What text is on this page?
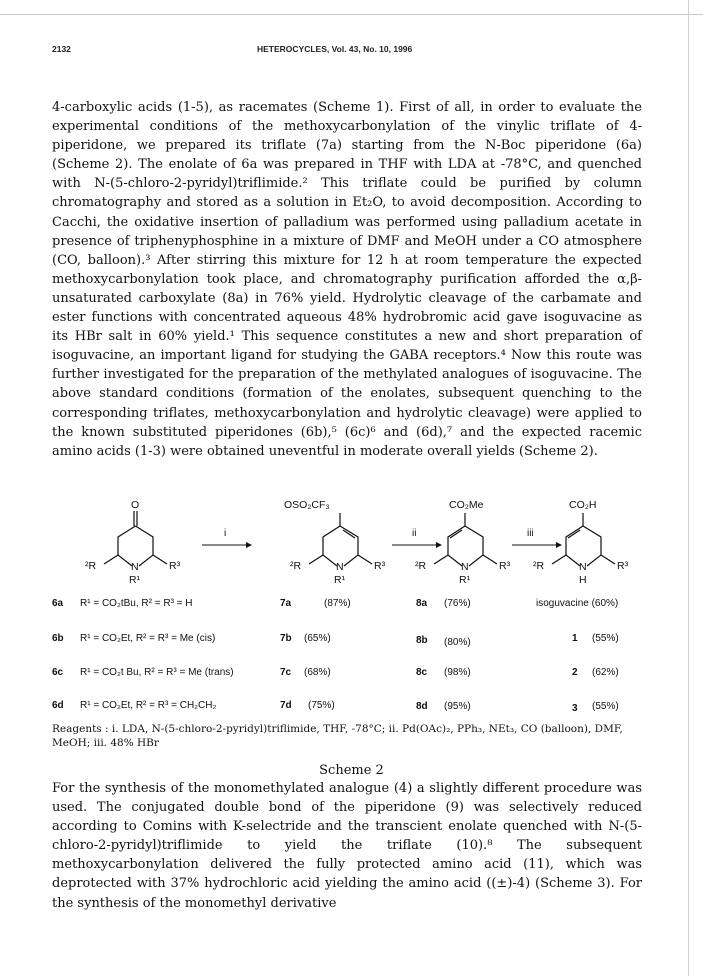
2132	HETEROCYCLES, Vol. 43, No. 10, 1996

4-carboxylic acids (1-5), as racemates (Scheme 1). First of all, in order to evaluate the experimental conditions of the methoxycarbonylation of the vinylic triflate of 4-piperidone, we prepared its triflate (7a) starting from the N-Boc piperidone (6a) (Scheme 2). The enolate of 6a was prepared in THF with LDA at -78°C, and quenched with N-(5-chloro-2-pyridyl)triflimide.² This triflate could be purified by column chromatography and stored as a solution in Et₂O, to avoid decomposition. According to Cacchi, the oxidative insertion of palladium was performed using palladium acetate in presence of triphenyphosphine in a mixture of DMF and MeOH under a CO atmosphere (CO, balloon).³ After stirring this mixture for 12 h at room temperature the expected methoxycarbonylation took place, and chromatography purification afforded the α,β-unsaturated carboxylate (8a) in 76% yield. Hydrolytic cleavage of the carbamate and ester functions with concentrated aqueous 48% hydrobromic acid gave isoguvacine as its HBr salt in 60% yield.¹ This sequence constitutes a new and short preparation of isoguvacine, an important ligand for studying the GABA receptors.⁴ Now this route was further investigated for the preparation of the methylated analogues of isoguvacine. The above standard conditions (formation of the enolates, subsequent quenching to the corresponding triflates, methoxycarbonylation and hydrolytic cleavage) were applied to the known substituted piperidones (6b),⁵ (6c)⁶ and (6d),⁷ and the expected racemic amino acids (1-3) were obtained uneventful in moderate overall yields (Scheme 2).

O
²R	N	R³
R¹
i
OSO₂CF₃
²R	N	R³
R¹
ii
CO₂Me
²R	N	R³
R¹
iii
CO₂H
²R	N	R³
H
6a R¹ = CO₂tBu, R² = R³ = H	7a	(87%)	8a (76%)	isoguvacine (60%)
6b R¹ = CO₂Et, R² = R³ = Me (cis)	7b (65%)	8b (80%)	1 (55%)
6c R¹ = CO₂t Bu, R² = R³ = Me (trans)	7c (68%)	8c (98%)	2 (62%)
6d R¹ = CO₂Et, R² = R³ = CH₂CH₂	7d (75%)	8d (95%)	3 (55%)
Reagents : i. LDA, N-(5-chloro-2-pyridyl)triflimide, THF, -78°C; ii. Pd(OAc)₂, PPh₃, NEt₃, CO (balloon), DMF, MeOH; iii. 48% HBr
Scheme 2

For the synthesis of the monomethylated analogue (4) a slightly different procedure was used. The conjugated double bond of the piperidone (9) was selectively reduced according to Comins with K-selectride and the transcient enolate quenched with N-(5-chloro-2-pyridyl)triflimide to yield the triflate (10).⁸ The subsequent methoxycarbonylation delivered the fully protected amino acid (11), which was deprotected with 37% hydrochloric acid yielding the amino acid ((±)-4) (Scheme 3). For the synthesis of the monomethyl derivative
